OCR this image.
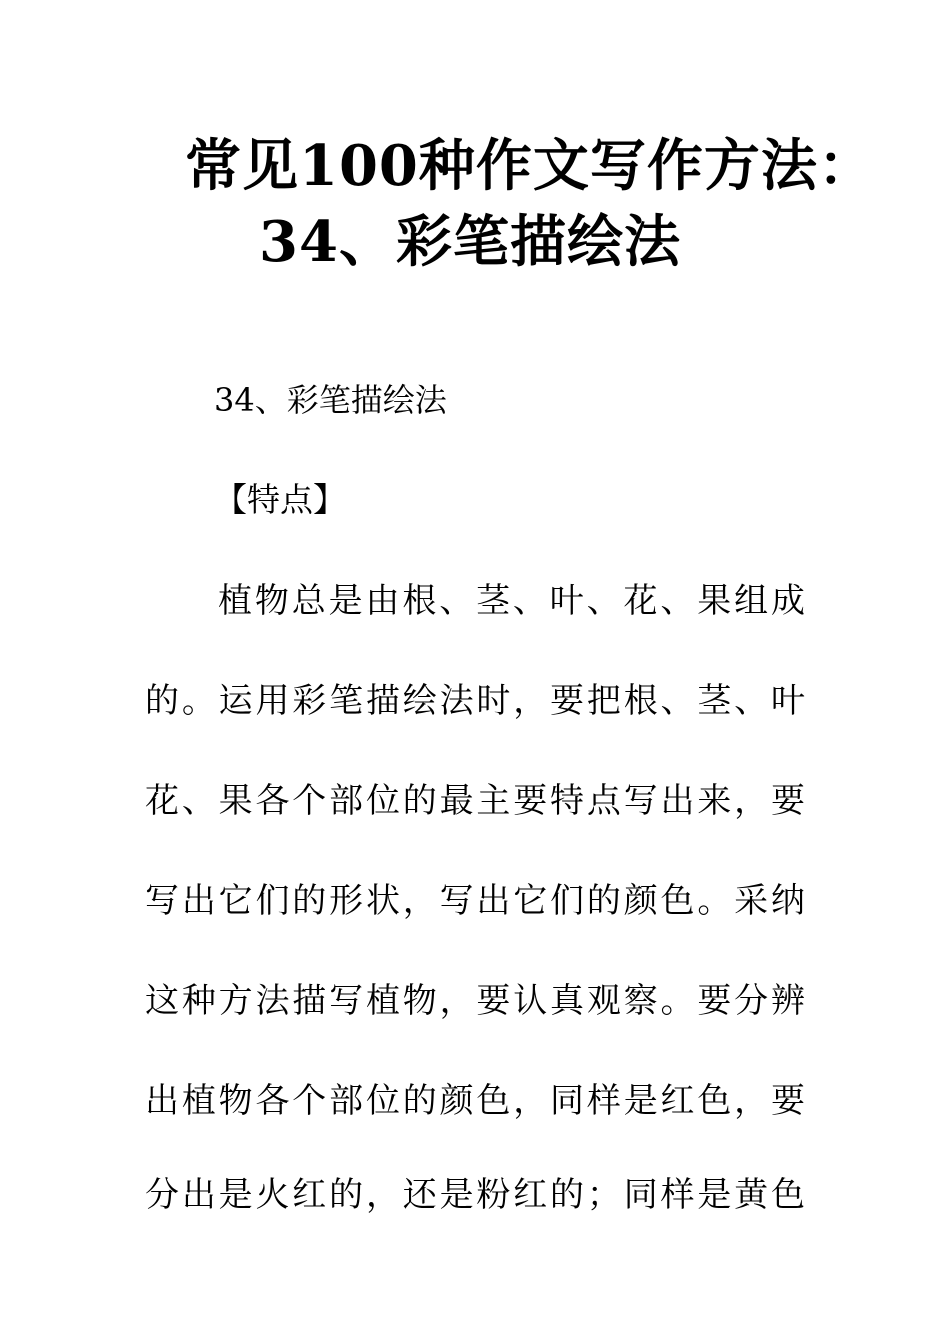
常见100种作文写作方法：
34、彩笔描绘法
34、彩笔描绘法
【特点】
植物总是由根、茎、叶、花、果组成
的。运用彩笔描绘法时，要把根、茎、叶
花、果各个部位的最主要特点写出来，要
写出它们的形状，写出它们的颜色。采纳
这种方法描写植物，要认真观察。要分辨
出植物各个部位的颜色，同样是红色，要
分出是火红的，还是粉红的；同样是黄色
